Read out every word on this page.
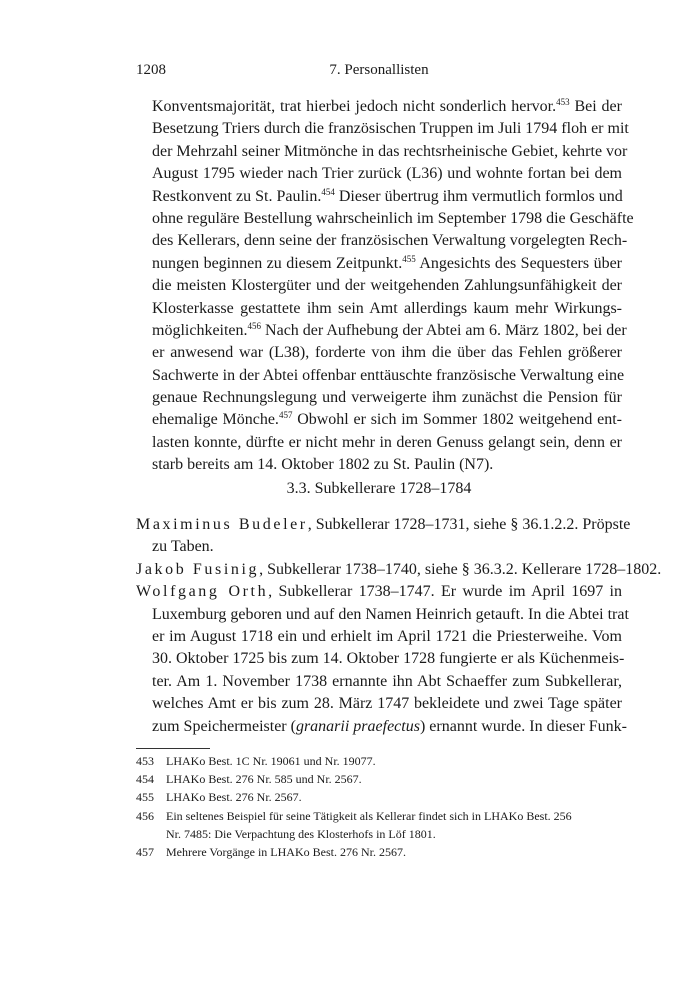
1208	7. Personallisten
Konventsmajorität, trat hierbei jedoch nicht sonderlich hervor.$^{453}$ Bei der
Besetzung Triers durch die französischen Truppen im Juli 1794 floh er mit
der Mehrzahl seiner Mitmönche in das rechtsrheinische Gebiet, kehrte vor
August 1795 wieder nach Trier zurück (L36) und wohnte fortan bei dem
Restkonvent zu St. Paulin.$^{454}$ Dieser übertrug ihm vermutlich formlos und
ohne reguläre Bestellung wahrscheinlich im September 1798 die Geschäfte
des Kellerars, denn seine der französischen Verwaltung vorgelegten Rech-
nungen beginnen zu diesem Zeitpunkt.$^{455}$ Angesichts des Sequesters über
die meisten Klostergüter und der weitgehenden Zahlungsunfähigkeit der
Klosterkasse gestattete ihm sein Amt allerdings kaum mehr Wirkungs-
möglichkeiten.$^{456}$ Nach der Aufhebung der Abtei am 6. März 1802, bei der
er anwesend war (L38), forderte von ihm die über das Fehlen größerer
Sachwerte in der Abtei offenbar enttäuschte französische Verwaltung eine
genaue Rechnungslegung und verweigerte ihm zunächst die Pension für
ehemalige Mönche.$^{457}$ Obwohl er sich im Sommer 1802 weitgehend ent-
lasten konnte, dürfte er nicht mehr in deren Genuss gelangt sein, denn er
starb bereits am 14. Oktober 1802 zu St. Paulin (N7).
3.3. Subkellerare 1728–1784
Maximinus Budeler, Subkellerar 1728–1731, siehe § 36.1.2.2. Pröpste
zu Taben.
Jakob Fusinig, Subkellerar 1738–1740, siehe § 36.3.2. Kellerare 1728–1802.
Wolfgang Orth, Subkellerar 1738–1747. Er wurde im April 1697 in
Luxemburg geboren und auf den Namen Heinrich getauft. In die Abtei trat
er im August 1718 ein und erhielt im April 1721 die Priesterweihe. Vom
30. Oktober 1725 bis zum 14. Oktober 1728 fungierte er als Küchenmeis-
ter. Am 1. November 1738 ernannte ihn Abt Schaeffer zum Subkellerar,
welches Amt er bis zum 28. März 1747 bekleidete und zwei Tage später
zum Speichermeister (granarii praefectus) ernannt wurde. In dieser Funk-
453	LHAKo Best. 1C Nr. 19061 und Nr. 19077.
454	LHAKo Best. 276 Nr. 585 und Nr. 2567.
455	LHAKo Best. 276 Nr. 2567.
456	Ein seltenes Beispiel für seine Tätigkeit als Kellerar findet sich in LHAKo Best. 256
Nr. 7485: Die Verpachtung des Klosterhofs in Löf 1801.
457	Mehrere Vorgänge in LHAKo Best. 276 Nr. 2567.
